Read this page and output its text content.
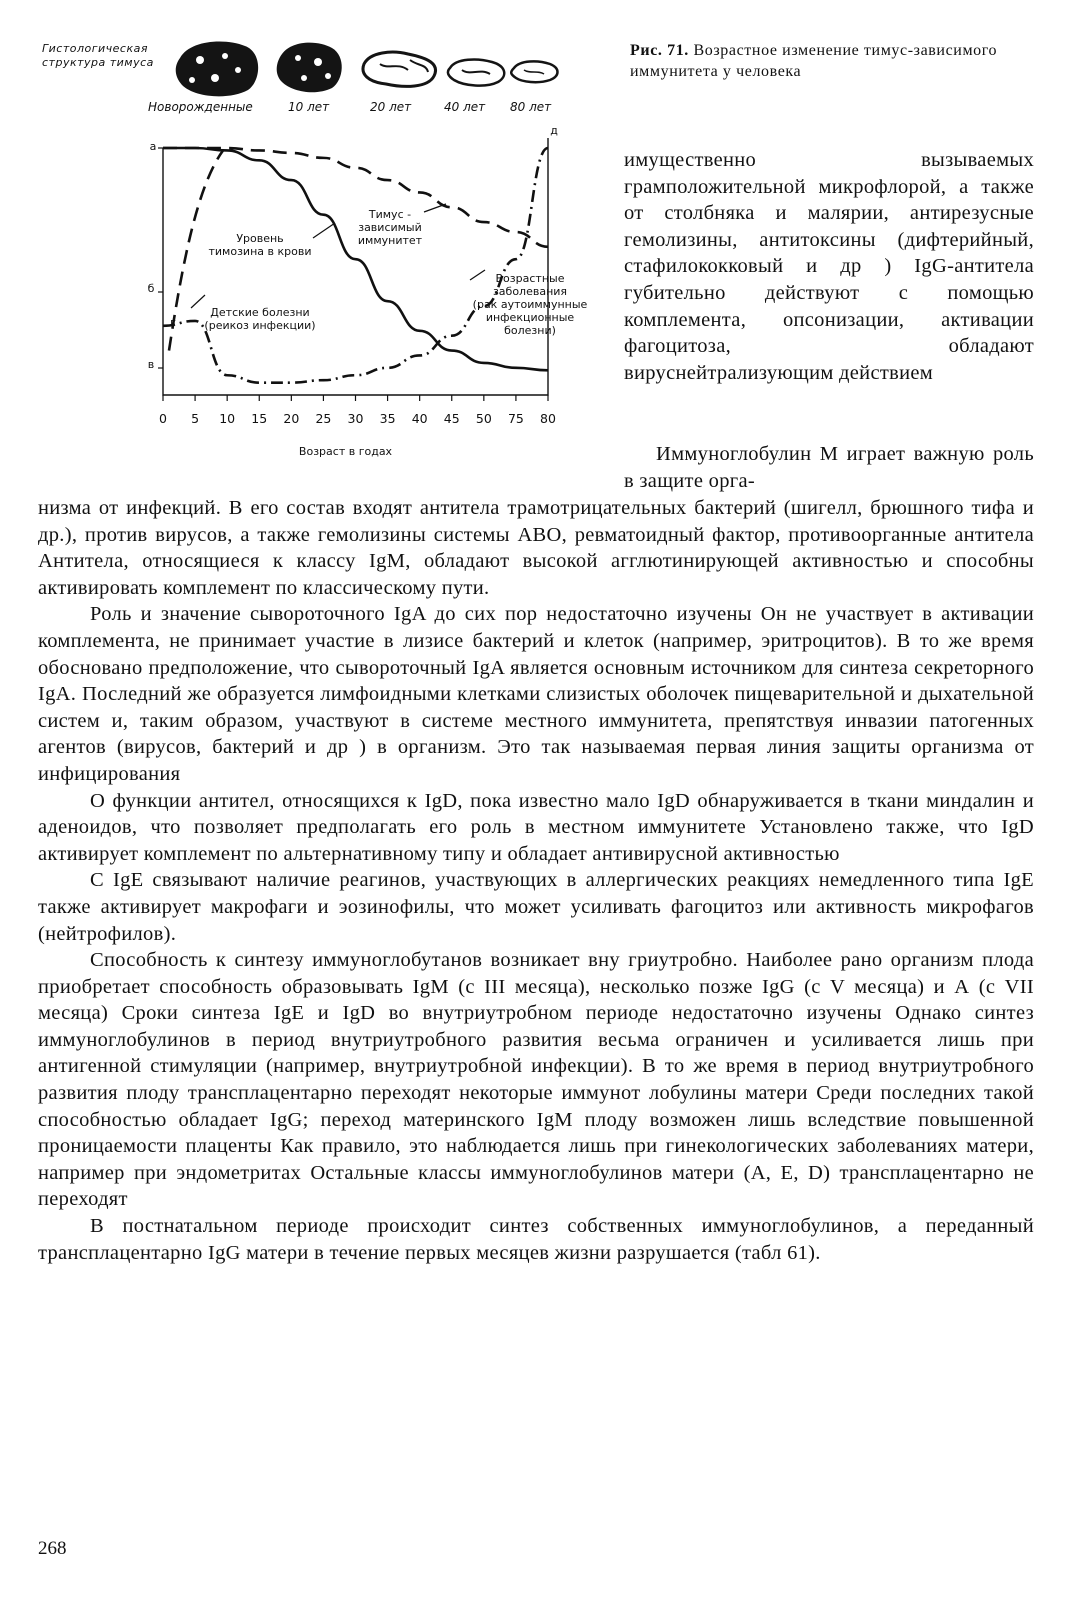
Гистологическая
структура тимуса
Новорожденные	10 лет	20 лет	40 лет 80 лет
0 5 10 15 20 25 30 35 40 45 50 75 80
Возраст в годах
а
б
в
г
д
Уровень тимозина в крови
Тимус -зависимый иммунитет
Возрастные заболевания (рак аутоиммунные инфекционные болезни)
Детские болезни (реикоз инфекции)
Рис. 71. Возрастное изменение тимус-зависимого иммунитета у человека

имущественно вызываемых грамположительной микрофлорой, а также от столбняка и малярии, антирезусные гемолизины, антитоксины (дифтерийный, стафилококковый и др ) IgG-антитела губительно действуют с помощью комплемента, опсонизации, активации фагоцитоза, обладают вируснейтрализующим действием

Иммуноглобулин М играет важную роль в защите орга-

низма от инфекций. В его состав входят антитела трамотрицательных бактерий (шигелл, брюшного тифа и др.), против вирусов, а также гемолизины системы АВО, ревматоидный фактор, противоорганные антитела Антитела, относящиеся к классу IgM, обладают высокой агглютинирующей активностью и способны активировать комплемент по классическому пути.

Роль и значение сывороточного IgA до сих пор недостаточно изучены Он не участвует в активации комплемента, не принимает участие в лизисе бактерий и клеток (например, эритроцитов). В то же время обосновано предположение, что сывороточный IgA является основным источником для синтеза секреторного IgA. Последний же образуется лимфоидными клетками слизистых оболочек пищеварительной и дыхательной систем и, таким образом, участвуют в системе местного иммунитета, препятствуя инвазии патогенных агентов (вирусов, бактерий и др ) в организм. Это так называемая первая линия защиты организма от инфицирования

О функции антител, относящихся к IgD, пока известно мало IgD обнаруживается в ткани миндалин и аденоидов, что позволяет предполагать его роль в местном иммунитете Установлено также, что IgD активирует комплемент по альтернативному типу и обладает антивирусной активностью

С IgE связывают наличие реагинов, участвующих в аллергических реакциях немедленного типа IgE также активирует макрофаги и эозинофилы, что может усиливать фагоцитоз или активность микрофагов (нейтрофилов).

Способность к синтезу иммуноглобутанов возникает вну гриутробно. Наиболее рано организм плода приобретает способность образовывать IgM (с III месяца), несколько позже IgG (с V месяца) и А (с VII месяца) Сроки синтеза IgE и IgD во внутриутробном периоде недостаточно изучены Однако синтез иммуноглобулинов в период внутриутробного развития весьма ограничен и усиливается лишь при антигенной стимуляции (например, внутриутробной инфекции). В то же время в период внутриутробного развития плоду трансплацентарно переходят некоторые иммунот лобулины матери Среди последних такой способностью обладает IgG; переход материнского IgM плоду возможен лишь вследствие повышенной проницаемости плаценты Как правило, это наблюдается лишь при гинекологических заболеваниях матери, например при эндометритах Остальные классы иммуноглобулинов матери (А, Е, D) трансплацентарно не переходят

В постнатальном периоде происходит синтез собственных иммуноглобулинов, а переданный трансплацентарно IgG матери в течение первых месяцев жизни разрушается (табл 61).

268
